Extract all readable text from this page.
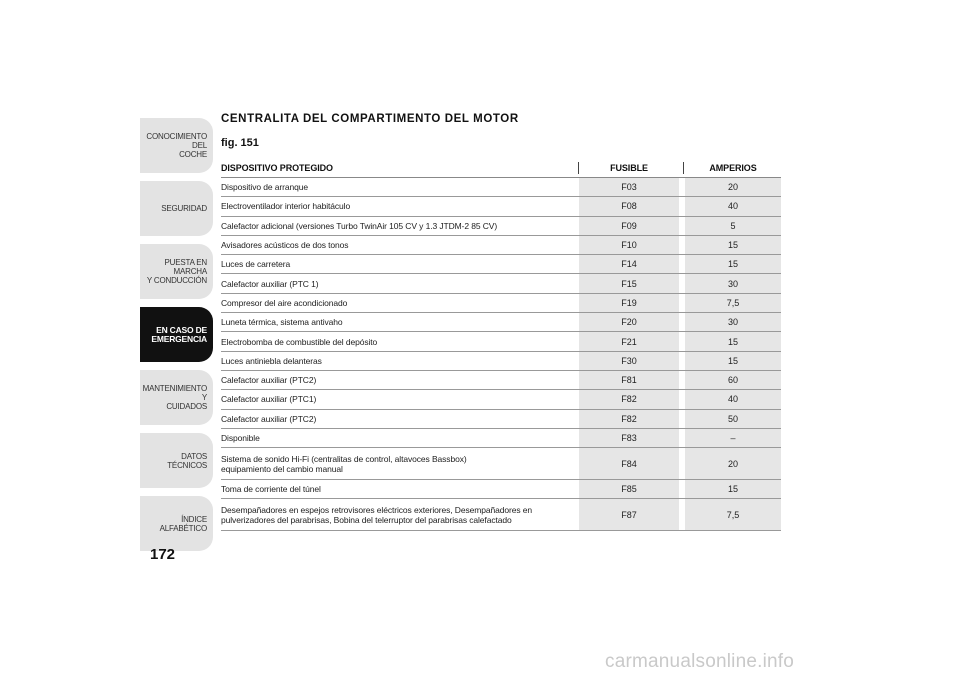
CONOCIMIENTO DEL
COCHE
SEGURIDAD
PUESTA EN MARCHA
Y CONDUCCIÓN
EN CASO DE
EMERGENCIA
MANTENIMIENTO Y
CUIDADOS
DATOS TÉCNICOS
ÍNDICE ALFABÉTICO
172
CENTRALITA DEL COMPARTIMENTO DEL MOTOR
fig. 151
DISPOSITIVO PROTEGIDO	FUSIBLE	AMPERIOS
Dispositivo de arranque	F03	20
Electroventilador interior habitáculo	F08	40
Calefactor adicional (versiones Turbo TwinAir 105 CV y 1.3 JTDM-2 85 CV)	F09	5
Avisadores acústicos de dos tonos	F10	15
Luces de carretera	F14	15
Calefactor auxiliar (PTC 1)	F15	30
Compresor del aire acondicionado	F19	7,5
Luneta térmica, sistema antivaho	F20	30
Electrobomba de combustible del depósito	F21	15
Luces antiniebla delanteras	F30	15
Calefactor auxiliar (PTC2)	F81	60
Calefactor auxiliar (PTC1)	F82	40
Calefactor auxiliar (PTC2)	F82	50
Disponible	F83	–
Sistema de sonido Hi-Fi (centralitas de control, altavoces Bassbox)
equipamiento del cambio manual	F84	20
Toma de corriente del túnel	F85	15
Desempañadores en espejos retrovisores eléctricos exteriores, Desempañadores en
pulverizadores del parabrisas, Bobina del telerruptor del parabrisas calefactado	F87	7,5
carmanualsonline.info
